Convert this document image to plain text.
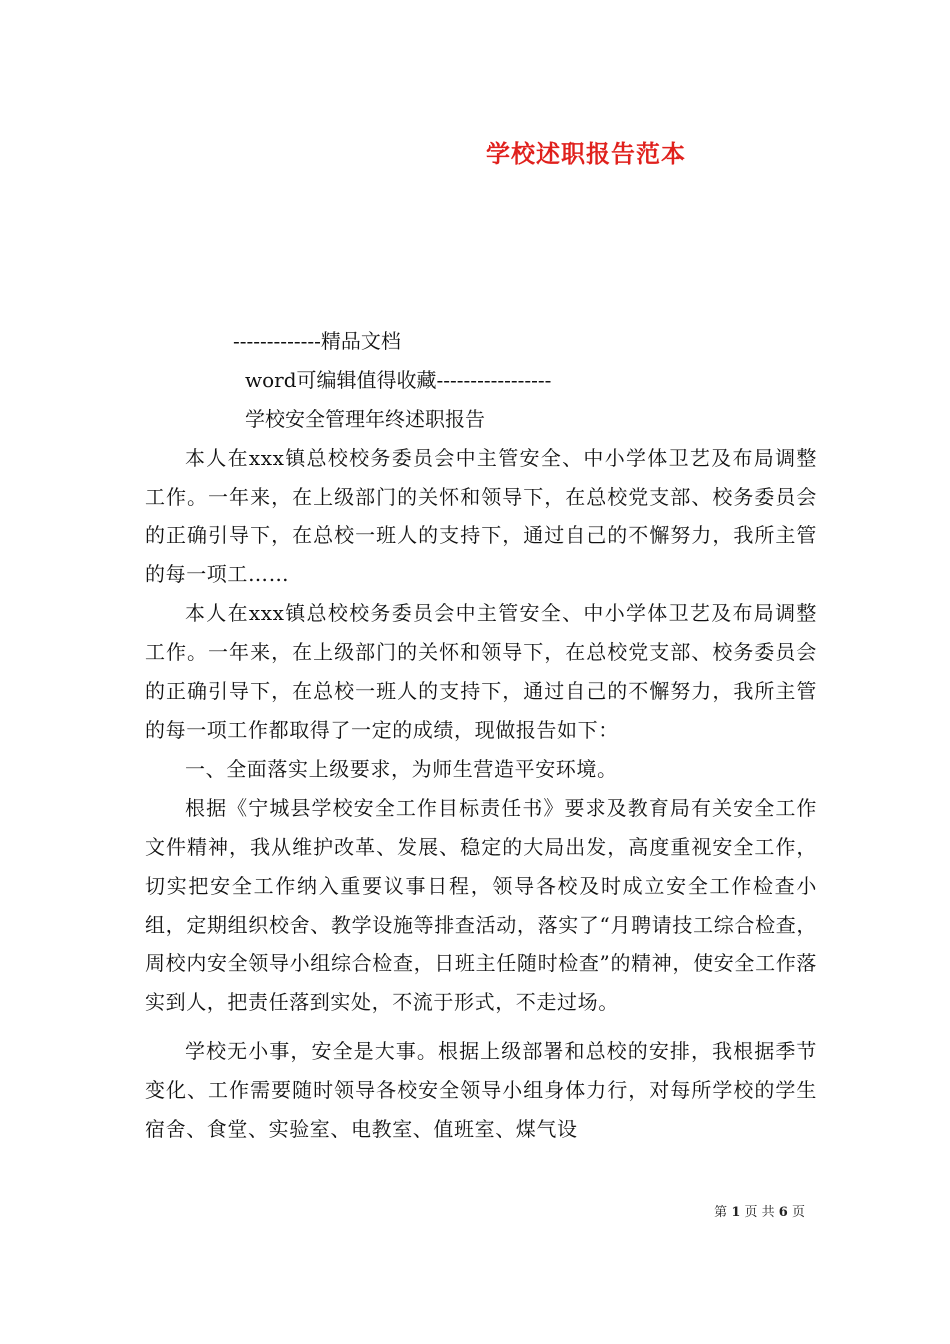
学校述职报告范本
-------------精品文档
word可编辑值得收藏-----------------
学校安全管理年终述职报告

本人在xxx镇总校校务委员会中主管安全、中小学体卫艺及布局调整工作。一年来，在上级部门的关怀和领导下，在总校党支部、校务委员会的正确引导下，在总校一班人的支持下，通过自己的不懈努力，我所主管的每一项工……

本人在xxx镇总校校务委员会中主管安全、中小学体卫艺及布局调整工作。一年来，在上级部门的关怀和领导下，在总校党支部、校务委员会的正确引导下，在总校一班人的支持下，通过自己的不懈努力，我所主管的每一项工作都取得了一定的成绩，现做报告如下：

一、全面落实上级要求，为师生营造平安环境。

根据《宁城县学校安全工作目标责任书》要求及教育局有关安全工作文件精神，我从维护改革、发展、稳定的大局出发，高度重视安全工作，切实把安全工作纳入重要议事日程，领导各校及时成立安全工作检查小组，定期组织校舍、教学设施等排查活动，落实了“月聘请技工综合检查，周校内安全领导小组综合检查，日班主任随时检查”的精神，使安全工作落实到人，把责任落到实处，不流于形式，不走过场。

学校无小事，安全是大事。根据上级部署和总校的安排，我根据季节变化、工作需要随时领导各校安全领导小组身体力行，对每所学校的学生宿舍、食堂、实验室、电教室、值班室、煤气设

第 1 页 共 6 页
